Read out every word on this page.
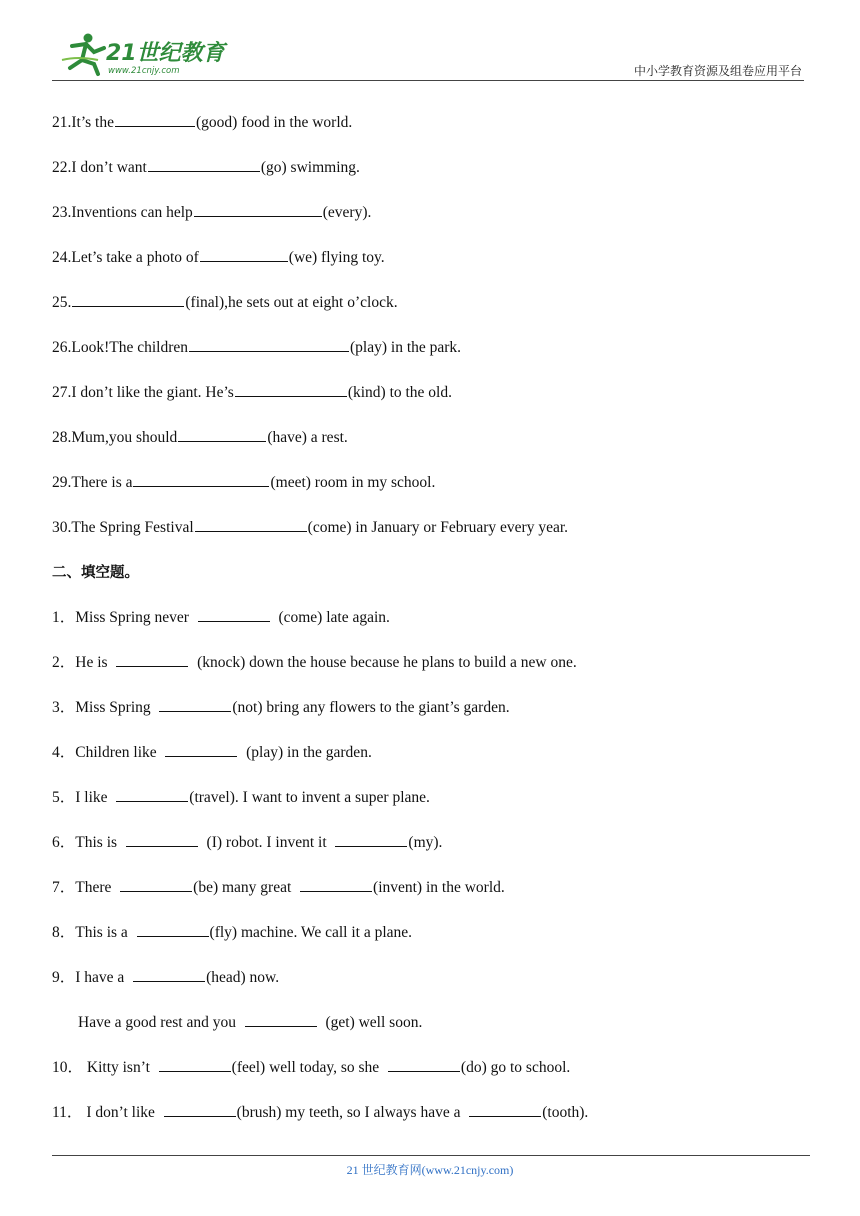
21世纪教育
www.21cnjy.com	中小学教育资源及组卷应用平台
21.It’s the	(good) food in the world.
22.I don’t want	(go) swimming.
23.Inventions can help	(every).
24.Let’s take a photo of	(we) flying toy.
25.	(final),he sets out at eight o’clock.
26.Look!The children	(play) in the park.
27.I don’t like the giant. He’s	(kind) to the old.
28.Mum,you should	(have) a rest.
29.There is a	(meet) room in my school.
30.The Spring Festival	(come) in January or February every year.
二、填空题。
1．Miss Spring never	(come) late again.
2．He is	(knock) down the house because he plans to build a new one.
3．Miss Spring	(not) bring any flowers to the giant’s garden.
4．Children like	(play) in the garden.
5．I like	(travel). I want to invent a super plane.
6．This is	(I) robot. I invent it	(my).
7．There	(be) many great	(invent) in the world.
8．This is a	(fly) machine. We call it a plane.
9．I have a	(head) now.
Have a good rest and you	(get) well soon.
10． Kitty isn’t	(feel) well today, so she	(do) go to school.
11． I don’t like	(brush) my teeth, so I always have a	(tooth).
21 世纪教育网(www.21cnjy.com)
